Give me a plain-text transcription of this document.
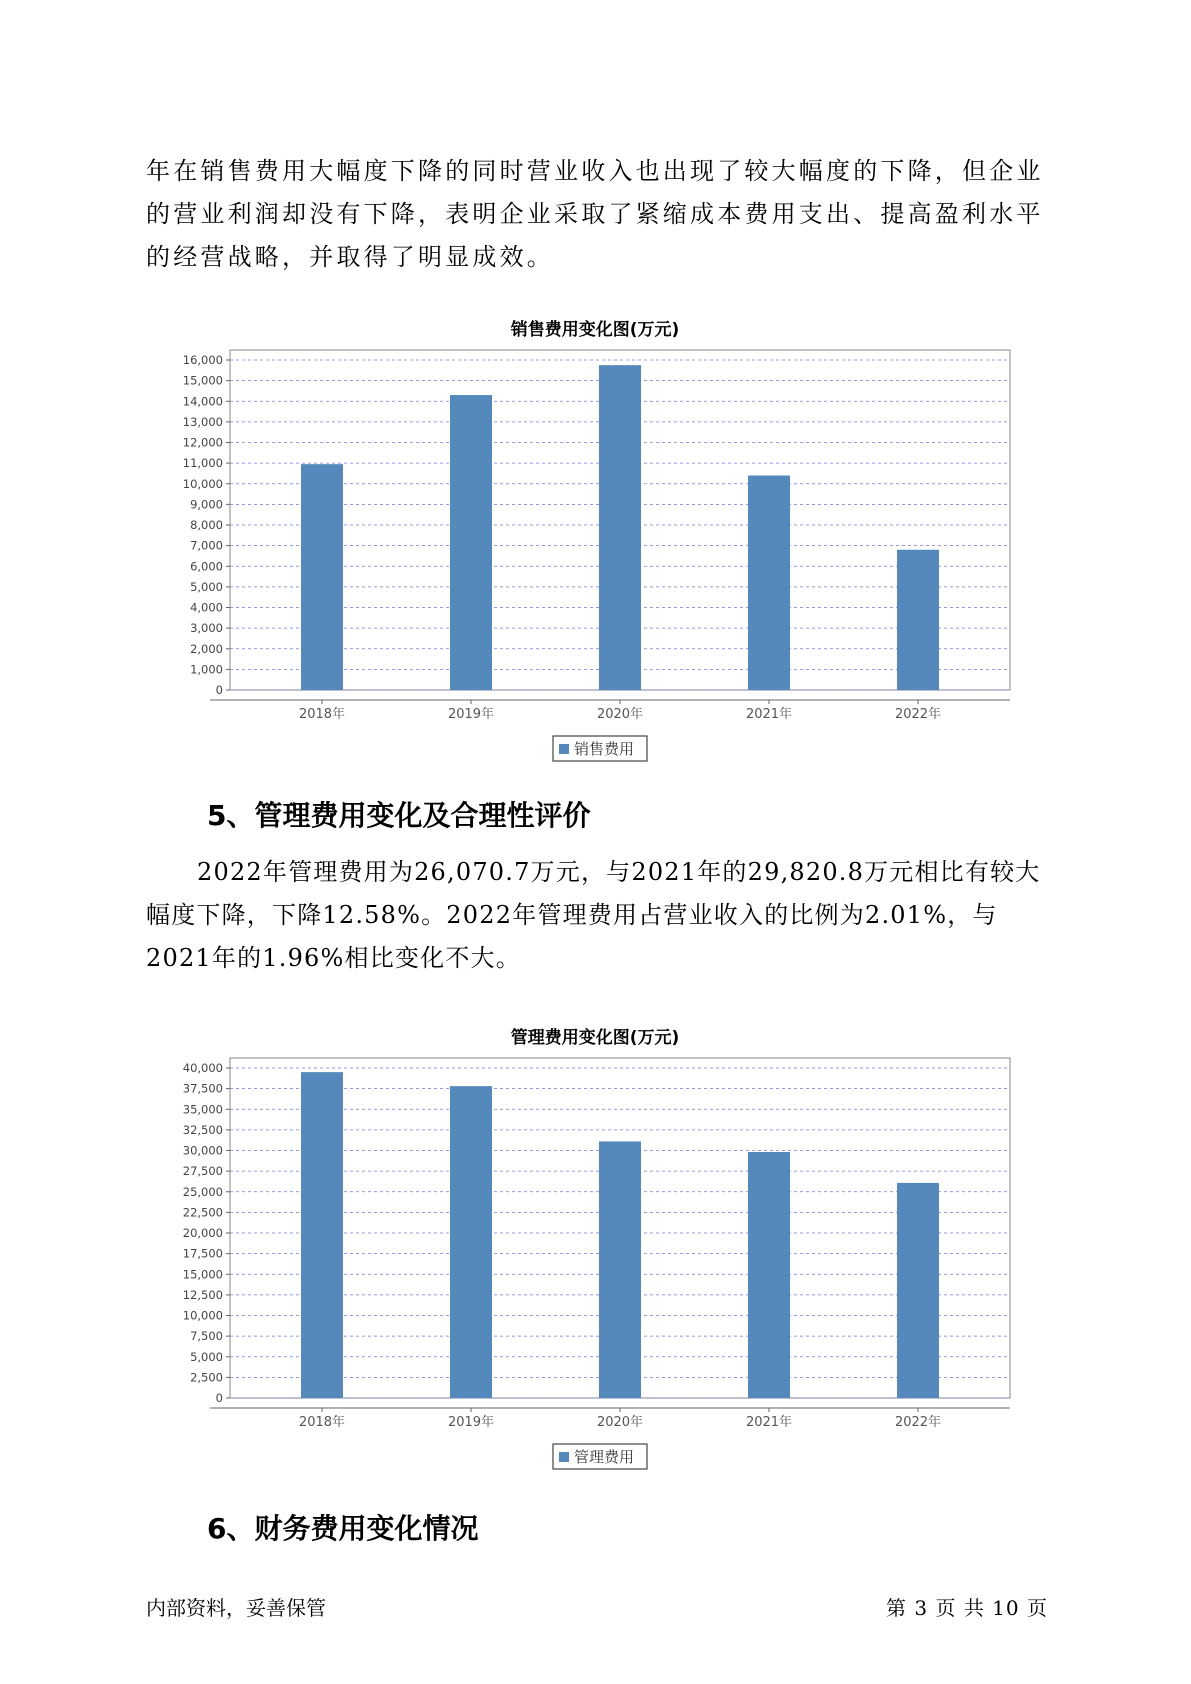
年在销售费用大幅度下降的同时营业收入也出现了较大幅度的下降，但企业的营业利润却没有下降，表明企业采取了紧缩成本费用支出、提高盈利水平的经营战略，并取得了明显成效。

销售费用变化图(万元)
0
1,000
2,000
3,000
4,000
5,000
6,000
7,000
8,000
9,000
10,000
11,000
12,000
13,000
14,000
15,000
16,000
2018年	2019年	2020年	2021年	2022年
销售费用
5、管理费用变化及合理性评价

2022年管理费用为26,070.7万元，与2021年的29,820.8万元相比有较大幅度下降，下降12.58%。2022年管理费用占营业收入的比例为2.01%，与2021年的1.96%相比变化不大。

管理费用变化图(万元)
0
2,500
5,000
7,500
10,000
12,500
15,000
17,500
20,000
22,500
25,000
27,500
30,000
32,500
35,000
37,500
40,000
2018年	2019年	2020年	2021年	2022年
管理费用
6、财务费用变化情况

内部资料，妥善保管	第 3 页 共 10 页
